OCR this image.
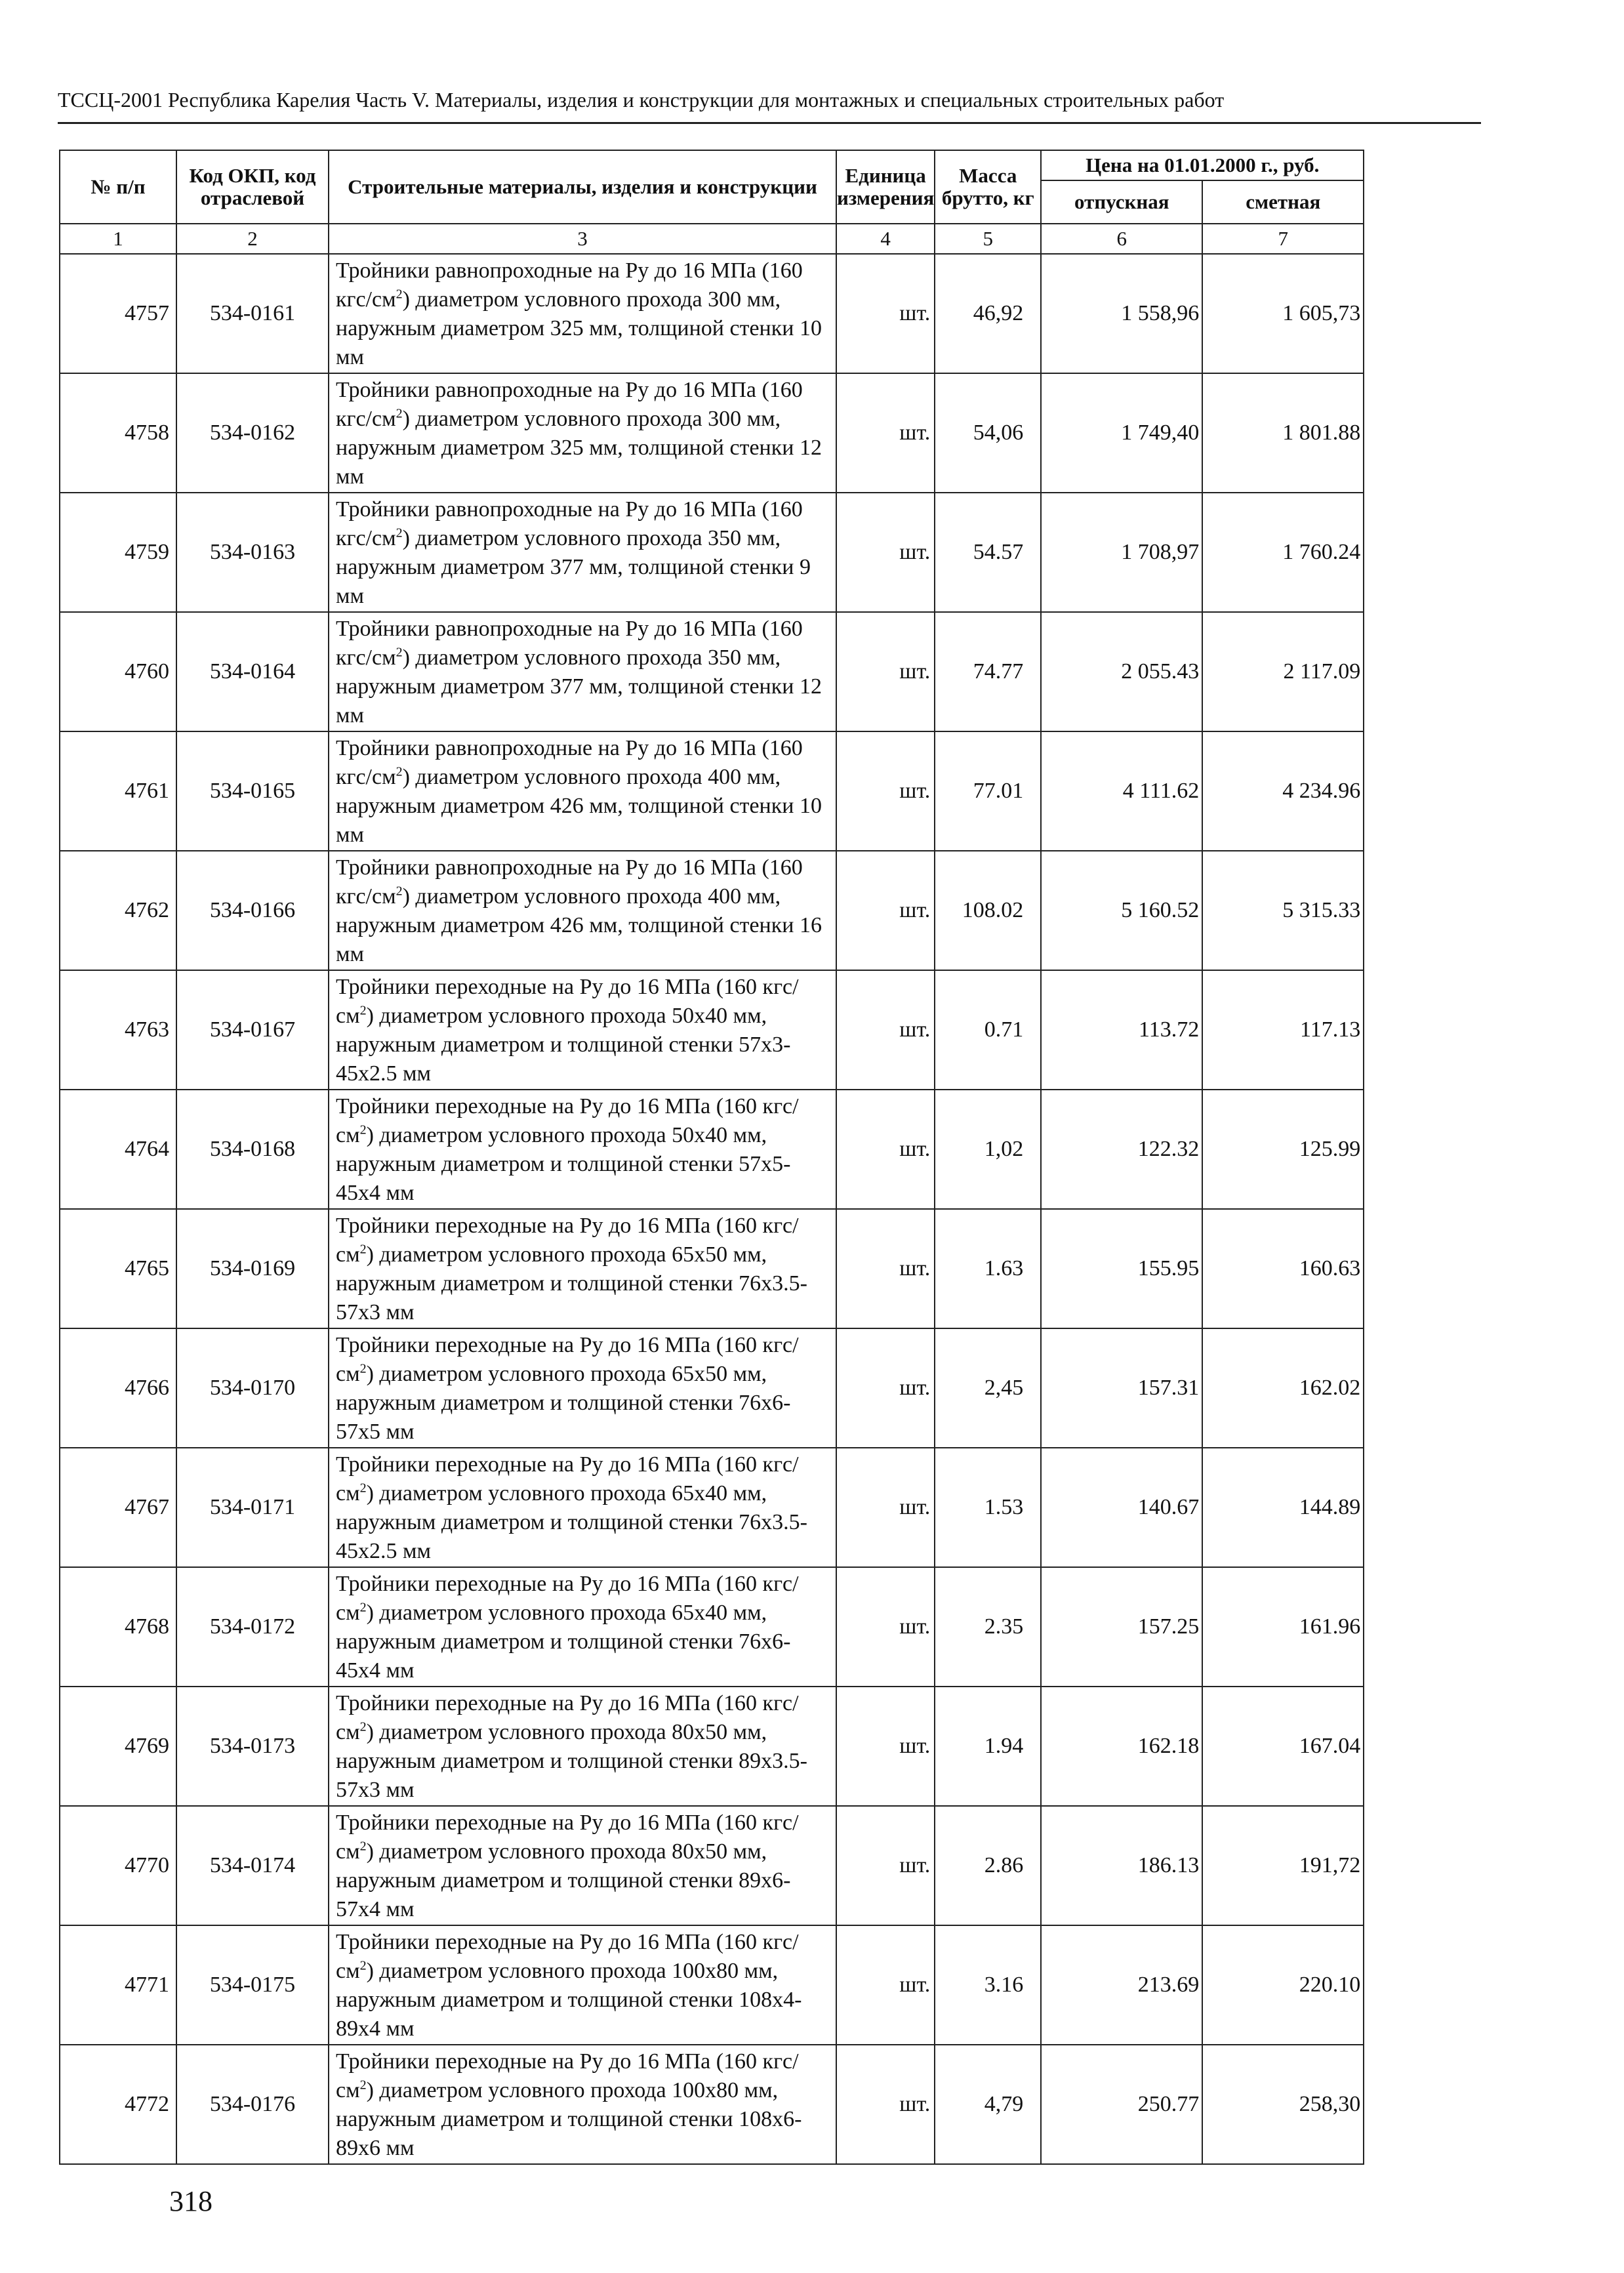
ТССЦ-2001 Республика Карелия Часть V. Материалы, изделия и конструкции для монтажных и специальных строительных работ
№ п/п	Код ОКП, код отраслевой	Строительные материалы, изделия и конструкции	Единица измерения	Масса брутто, кг	Цена на 01.01.2000 г., руб.	
					отпускная	сметная
1	2	3	4	5	6	7
4757	534-0161	Тройники равнопроходные на Ру до 16 МПа (160 кгс/$см^2$) диаметром условного прохода 300 мм, наружным диаметром 325 мм, толщиной стенки 10 мм	шт.	46,92	1 558,96	1 605,73
4758	534-0162	Тройники равнопроходные на Ру до 16 МПа (160 кгс/$см^2$) диаметром условного прохода 300 мм, наружным диаметром 325 мм, толщиной стенки 12 мм	шт.	54,06	1 749,40	1 801.88
4759	534-0163	Тройники равнопроходные на Ру до 16 МПа (160 кгс/$см^2$) диаметром условного прохода 350 мм, наружным диаметром 377 мм, толщиной стенки 9 мм	шт.	54.57	1 708,97	1 760.24
4760	534-0164	Тройники равнопроходные на Ру до 16 МПа (160 кгс/$см^2$) диаметром условного прохода 350 мм, наружным диаметром 377 мм, толщиной стенки 12 мм	шт.	74.77	2 055.43	2 117.09
4761	534-0165	Тройники равнопроходные на Ру до 16 МПа (160 кгс/$см^2$) диаметром условного прохода 400 мм, наружным диаметром 426 мм, толщиной стенки 10 мм	шт.	77.01	4 111.62	4 234.96
4762	534-0166	Тройники равнопроходные на Ру до 16 МПа (160 кгс/$см^2$) диаметром условного прохода 400 мм, наружным диаметром 426 мм, толщиной стенки 16 мм	шт.	108.02	5 160.52	5 315.33
4763	534-0167	Тройники переходные на Ру до 16 МПа (160 кгс/$см^2$) диаметром условного прохода 50х40 мм, наружным диаметром и толщиной стенки 57х3-45х2.5 мм	шт.	0.71	113.72	117.13
4764	534-0168	Тройники переходные на Ру до 16 МПа (160 кгс/$см^2$) диаметром условного прохода 50х40 мм, наружным диаметром и толщиной стенки 57х5-45х4 мм	шт.	1,02	122.32	125.99
4765	534-0169	Тройники переходные на Ру до 16 МПа (160 кгс/$см^2$) диаметром условного прохода 65х50 мм, наружным диаметром и толщиной стенки 76х3.5-57х3 мм	шт.	1.63	155.95	160.63
4766	534-0170	Тройники переходные на Ру до 16 МПа (160 кгс/$см^2$) диаметром условного прохода 65х50 мм, наружным диаметром и толщиной стенки 76х6-57х5 мм	шт.	2,45	157.31	162.02
4767	534-0171	Тройники переходные на Ру до 16 МПа (160 кгс/$см^2$) диаметром условного прохода 65х40 мм, наружным диаметром и толщиной стенки 76х3.5-45х2.5 мм	шт.	1.53	140.67	144.89
4768	534-0172	Тройники переходные на Ру до 16 МПа (160 кгс/$см^2$) диаметром условного прохода 65х40 мм, наружным диаметром и толщиной стенки 76х6-45х4 мм	шт.	2.35	157.25	161.96
4769	534-0173	Тройники переходные на Ру до 16 МПа (160 кгс/$см^2$) диаметром условного прохода 80х50 мм, наружным диаметром и толщиной стенки 89х3.5-57х3 мм	шт.	1.94	162.18	167.04
4770	534-0174	Тройники переходные на Ру до 16 МПа (160 кгс/$см^2$) диаметром условного прохода 80х50 мм, наружным диаметром и толщиной стенки 89х6-57х4 мм	шт.	2.86	186.13	191,72
4771	534-0175	Тройники переходные на Ру до 16 МПа (160 кгс/$см^2$) диаметром условного прохода 100х80 мм, наружным диаметром и толщиной стенки 108х4-89х4 мм	шт.	3.16	213.69	220.10
4772	534-0176	Тройники переходные на Ру до 16 МПа (160 кгс/$см^2$) диаметром условного прохода 100х80 мм, наружным диаметром и толщиной стенки 108х6-89х6 мм	шт.	4,79	250.77	258,30
318
